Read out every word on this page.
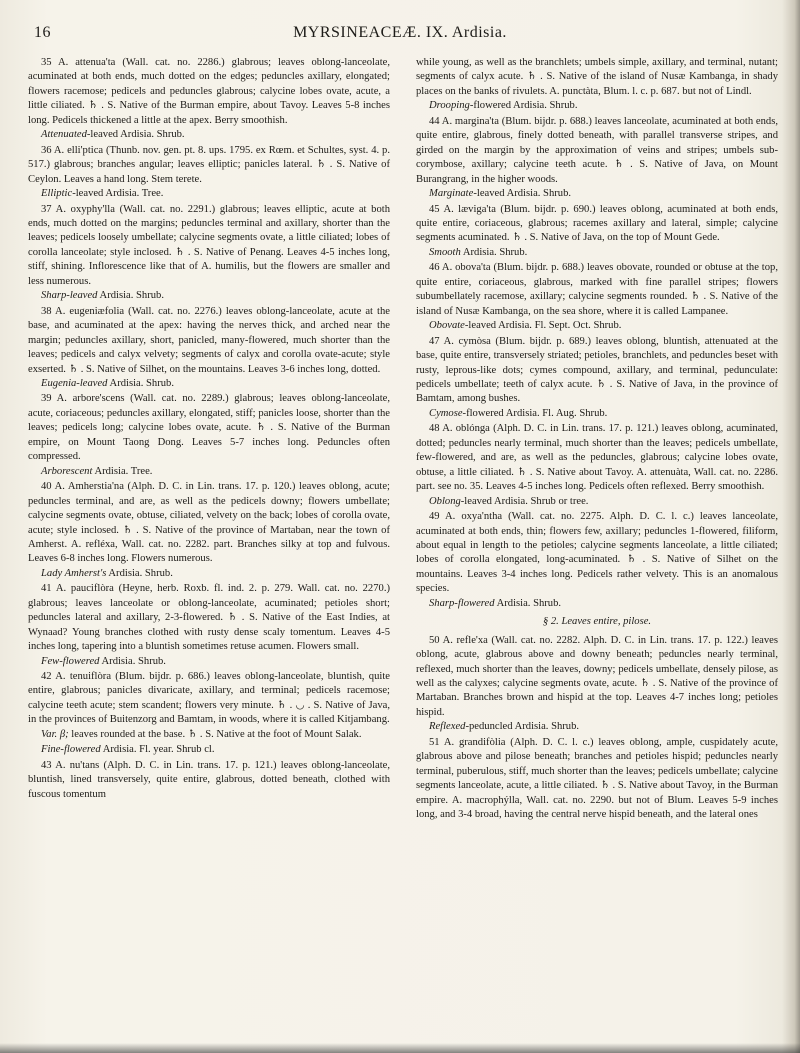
16	MYRSINEACEÆ. IX. Ardisia.

35 A. attenua'ta (Wall. cat. no. 2286.) glabrous; leaves oblong-lanceolate, acuminated at both ends, much dotted on the edges; peduncles axillary, elongated; flowers racemose; pedicels and peduncles glabrous; calycine lobes ovate, acute, a little ciliated. ♄ . S. Native of the Burman empire, about Tavoy. Leaves 5-8 inches long. Pedicels thickened a little at the apex. Berry smoothish.

Attenuated-leaved Ardisia. Shrub.

36 A. elli'ptica (Thunb. nov. gen. pt. 8. ups. 1795. ex Rœm. et Schultes, syst. 4. p. 517.) glabrous; branches angular; leaves elliptic; panicles lateral. ♄ . S. Native of Ceylon. Leaves a hand long. Stem terete.

Elliptic-leaved Ardisia. Tree.

37 A. oxyphy'lla (Wall. cat. no. 2291.) glabrous; leaves elliptic, acute at both ends, much dotted on the margins; peduncles terminal and axillary, shorter than the leaves; pedicels loosely umbellate; calycine segments ovate, a little ciliated; lobes of corolla lanceolate; style inclosed. ♄ . S. Native of Penang. Leaves 4-5 inches long, stiff, shining. Inflorescence like that of A. humilis, but the flowers are smaller and less numerous.

Sharp-leaved Ardisia. Shrub.

38 A. eugeniæfolia (Wall. cat. no. 2276.) leaves oblong-lanceolate, acute at the base, and acuminated at the apex: having the nerves thick, and arched near the margin; peduncles axillary, short, panicled, many-flowered, much shorter than the leaves; pedicels and calyx velvety; segments of calyx and corolla ovate-acute; style exserted. ♄ . S. Native of Silhet, on the mountains. Leaves 3-6 inches long, dotted.

Eugenia-leaved Ardisia. Shrub.

39 A. arbore'scens (Wall. cat. no. 2289.) glabrous; leaves oblong-lanceolate, acute, coriaceous; peduncles axillary, elongated, stiff; panicles loose, shorter than the leaves; pedicels long; calycine lobes ovate, acute. ♄ . S. Native of the Burman empire, on Mount Taong Dong. Leaves 5-7 inches long. Peduncles often compressed.

Arborescent Ardisia. Tree.

40 A. Amherstia'na (Alph. D. C. in Lin. trans. 17. p. 120.) leaves oblong, acute; peduncles terminal, and are, as well as the pedicels downy; flowers umbellate; calycine segments ovate, obtuse, ciliated, velvety on the back; lobes of corolla ovate, acute; style inclosed. ♄ . S. Native of the province of Martaban, near the town of Amherst. A. refléxa, Wall. cat. no. 2282. part. Branches silky at top and fulvous. Leaves 6-8 inches long. Flowers numerous.

Lady Amherst's Ardisia. Shrub.

41 A. pauciflòra (Heyne, herb. Roxb. fl. ind. 2. p. 279. Wall. cat. no. 2270.) glabrous; leaves lanceolate or oblong-lanceolate, acuminated; petioles short; peduncles lateral and axillary, 2-3-flowered. ♄ . S. Native of the East Indies, at Wynaad? Young branches clothed with rusty dense scaly tomentum. Leaves 4-5 inches long, tapering into a bluntish sometimes retuse acumen. Flowers small.

Few-flowered Ardisia. Shrub.

42 A. tenuiflòra (Blum. bijdr. p. 686.) leaves oblong-lanceolate, bluntish, quite entire, glabrous; panicles divaricate, axillary, and terminal; pedicels racemose; calycine teeth acute; stem scandent; flowers very minute. ♄ . ◡ . S. Native of Java, in the provinces of Buitenzorg and Bamtam, in woods, where it is called Kitjambang.

Var. β; leaves rounded at the base. ♄ . S. Native at the foot of Mount Salak.

Fine-flowered Ardisia. Fl. year. Shrub cl.

43 A. nu'tans (Alph. D. C. in Lin. trans. 17. p. 121.) leaves oblong-lanceolate, bluntish, lined transversely, quite entire, glabrous, dotted beneath, clothed with fuscous tomentum

while young, as well as the branchlets; umbels simple, axillary, and terminal, nutant; segments of calyx acute. ♄ . S. Native of the island of Nusæ Kambanga, in shady places on the banks of rivulets. A. punctàta, Blum. l. c. p. 687. but not of Lindl.

Drooping-flowered Ardisia. Shrub.

44 A. margina'ta (Blum. bijdr. p. 688.) leaves lanceolate, acuminated at both ends, quite entire, glabrous, finely dotted beneath, with parallel transverse stripes, and girded on the margin by the approximation of veins and stripes; umbels sub-corymbose, axillary; calycine teeth acute. ♄ . S. Native of Java, on Mount Burangrang, in the higher woods.

Marginate-leaved Ardisia. Shrub.

45 A. lævigа'ta (Blum. bijdr. p. 690.) leaves oblong, acuminated at both ends, quite entire, coriaceous, glabrous; racemes axillary and lateral, simple; calycine segments acuminated. ♄ . S. Native of Java, on the top of Mount Gede.

Smooth Ardisia. Shrub.

46 A. obova'ta (Blum. bijdr. p. 688.) leaves obovate, rounded or obtuse at the top, quite entire, coriaceous, glabrous, marked with fine parallel stripes; flowers subumbellately racemose, axillary; calycine segments rounded. ♄ . S. Native of the island of Nusæ Kambanga, on the sea shore, where it is called Lampanee.

Obovate-leaved Ardisia. Fl. Sept. Oct. Shrub.

47 A. cymòsa (Blum. bijdr. p. 689.) leaves oblong, bluntish, attenuated at the base, quite entire, transversely striated; petioles, branchlets, and peduncles beset with rusty, leprous-like dots; cymes compound, axillary, and terminal, pedunculate: pedicels umbellate; teeth of calyx acute. ♄ . S. Native of Java, in the province of Bamtam, among bushes.

Cymose-flowered Ardisia. Fl. Aug. Shrub.

48 A. oblónga (Alph. D. C. in Lin. trans. 17. p. 121.) leaves oblong, acuminated, dotted; peduncles nearly terminal, much shorter than the leaves; pedicels umbellate, few-flowered, and are, as well as the peduncles, glabrous; calycine lobes ovate, obtuse, a little ciliated. ♄ . S. Native about Tavoy. A. attenuàta, Wall. cat. no. 2286. part. see no. 35. Leaves 4-5 inches long. Pedicels often reflexed. Berry smoothish.

Oblong-leaved Ardisia. Shrub or tree.

49 A. oxya'ntha (Wall. cat. no. 2275. Alph. D. C. l. c.) leaves lanceolate, acuminated at both ends, thin; flowers few, axillary; peduncles 1-flowered, filiform, about equal in length to the petioles; calycine segments lanceolate, a little ciliated; lobes of corolla elongated, long-acuminated. ♄ . S. Native of Silhet on the mountains. Leaves 3-4 inches long. Pedicels rather velvety. This is an anomalous species.

Sharp-flowered Ardisia. Shrub.

§ 2. Leaves entire, pilose.

50 A. refle'xa (Wall. cat. no. 2282. Alph. D. C. in Lin. trans. 17. p. 122.) leaves oblong, acute, glabrous above and downy beneath; peduncles nearly terminal, reflexed, much shorter than the leaves, downy; pedicels umbellate, densely pilose, as well as the calyxes; calycine segments ovate, acute. ♄ . S. Native of the province of Martaban. Branches brown and hispid at the top. Leaves 4-7 inches long; petioles hispid.

Reflexed-peduncled Ardisia. Shrub.

51 A. grandifòlia (Alph. D. C. l. c.) leaves oblong, ample, cuspidately acute, glabrous above and pilose beneath; branches and petioles hispid; peduncles nearly terminal, puberulous, stiff, much shorter than the leaves; pedicels umbellate; calycine segments lanceolate, acute, a little ciliated. ♄ . S. Native about Tavoy, in the Burman empire. A. macrophýlla, Wall. cat. no. 2290. but not of Blum. Leaves 5-9 inches long, and 3-4 broad, having the central nerve hispid beneath, and the lateral ones
